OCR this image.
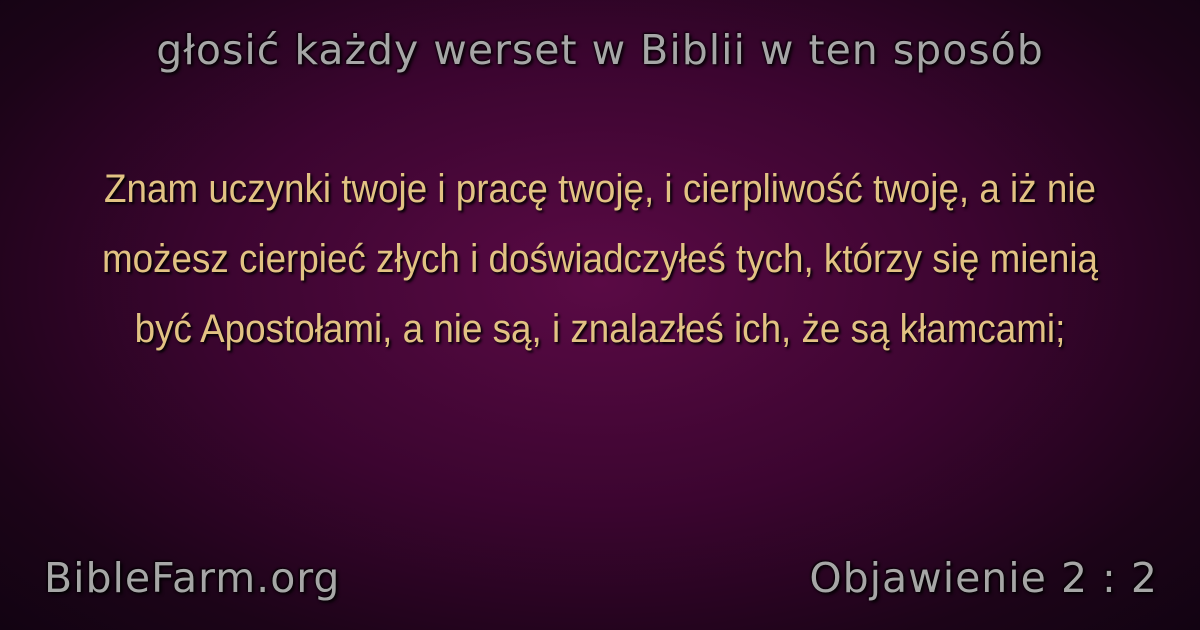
głosić każdy werset w Biblii w ten sposób
Znam uczynki twoje i pracę twoję, i cierpliwość twoję, a iż nie możesz cierpieć złych i doświadczyłeś tych, którzy się mienią być Apostołami, a nie są, i znalazłeś ich, że są kłamcami;
BibleFarm.org	Objawienie 2 : 2
